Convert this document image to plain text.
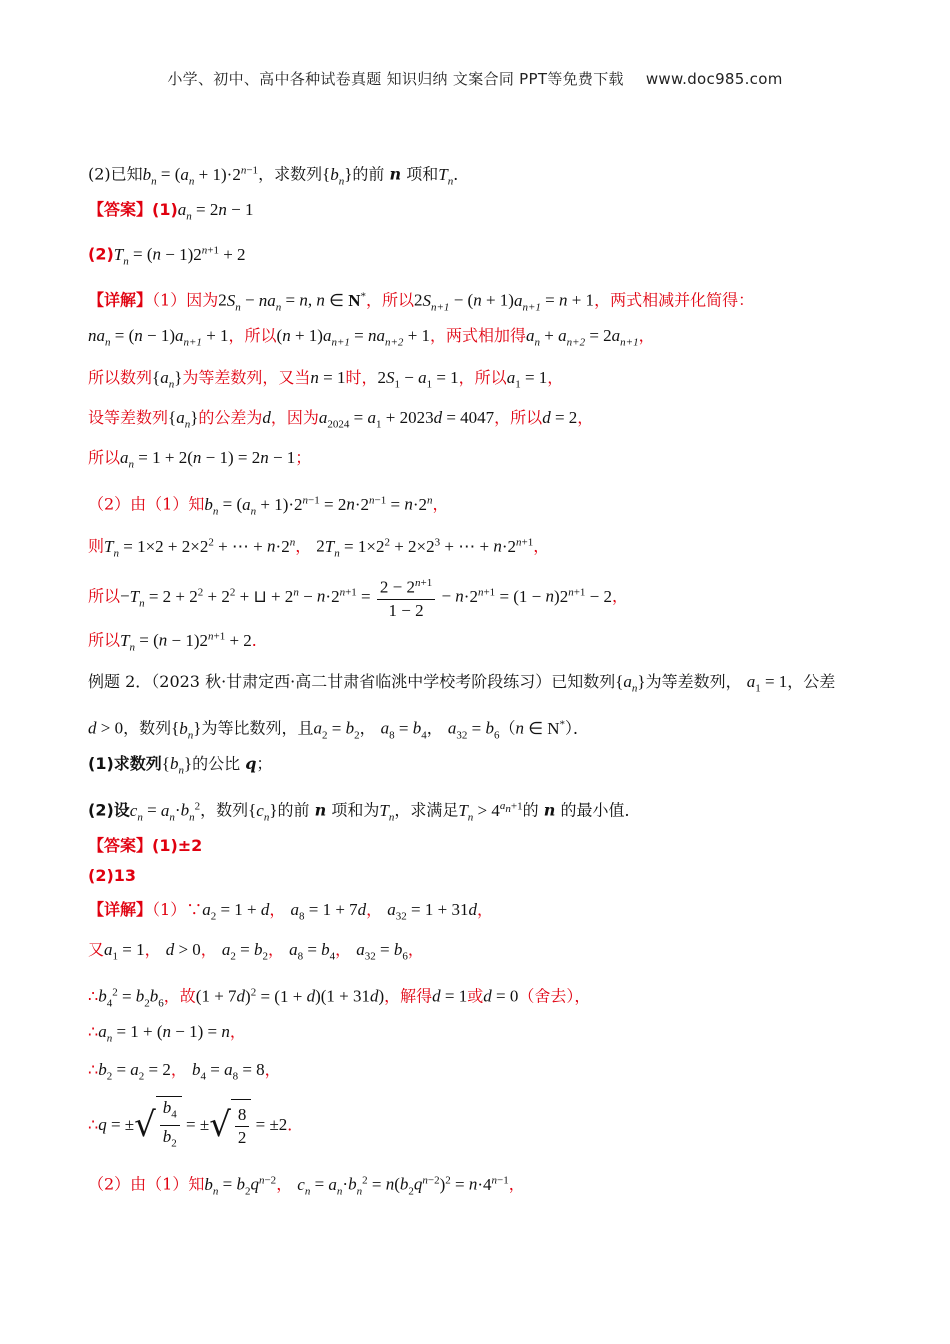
小学、初中、高中各种试卷真题 知识归纳 文案合同 PPT等免费下载 www.doc985.com
(2)已知$b_n = (a_n + 1)\cdot 2^{n-1}$，求数列$\{b_n\}$的前 n 项和$T_n$．
【答案】$(1)a_n = 2n - 1$
$(2)T_n = (n - 1)2^{n+1} + 2$
【详解】（1）因为$2S_n - na_n = n$, n ∈ N*，所以$2S_{n+1} - (n + 1)a_{n+1} = n + 1$，两式相减并化简得：
$na_n = (n - 1)a_{n+1} + 1$，所以$(n + 1)a_{n+1} = na_{n+2} + 1$，两式相加得$a_n + a_{n+2} = 2a_{n+1}$，
所以数列$\{a_n\}$为等差数列，又当n = 1时，$2S_1 - a_1 = 1$，所以$a_1 = 1$，
设等差数列$\{a_n\}$的公差为d，因为$a_{2024} = a_1 + 2023d = 4047$，所以d = 2，
所以$a_n = 1 + 2(n - 1) = 2n - 1$；
（2）由（1）知$b_n = (a_n + 1)\cdot 2^{n-1} = 2n\cdot 2^{n-1} = n\cdot 2^n$，
则$T_n = 1\times 2 + 2\times 2^2$ + ⋯ + $n\cdot 2^n$， $2T_n = 1\times 2^2 + 2\times 2^3$ + ⋯ + $n\cdot 2^{n+1}$，
所以$-T_n = 2 + 2^2 + 2^2$ + ⊔ + $2^n - n\cdot 2^{n+1} = \frac{2 - 2^{n+1}}{1 - 2} - n\cdot 2^{n+1} = (1 - n)2^{n+1} - 2$，
所以$T_n = (n - 1)2^{n+1} + 2$．
例题 2．（2023 秋·甘肃定西·高二甘肃省临洮中学校考阶段练习）已知数列$\{a_n\}$为等差数列， $a_1 = 1$，公差
d > 0，数列$\{b_n\}$为等比数列，且$a_2 = b_2$， $a_8 = b_4$， $a_{32} = b_6(n$ ∈ N*）．
(1)求数列$\{b_n\}$的公比 q；
(2)设$c_n = a_n\cdot b_n^2$，数列$\{c_n\}$的前 n 项和为$T_n$，求满足$T_n > 4^{a_n+1}$的 n 的最小值．
【答案】(1)±2
(2)13
【详解】$(1)\because a_2 = 1 + d$， $a_8 = 1 + 7d$， $a_{32} = 1 + 31d$，
又$a_1 = 1$， d > 0， $a_2 = b_2$， $a_8 = b_4$， $a_{32} = b_6$，
$\therefore b_4^2 = b_2b_6$，故$(1 + 7d)^2 = (1 + d)(1 + 31d)$，解得d = 1或d = 0（舍去），
$\therefore a_n = 1 + (n - 1) = n$，
$\therefore b_2 = a_2 = 2$， $b_4 = a_8 = 8$，
∴q = ± √ $\frac{b_4}{b_2}$ = ± √ $\frac{8}{2} = \pm 2$．
（2）由（1）知$b_n = b_2q^{n-2}$， $c_n = a_n\cdot b_n^2 = n(b_2q^{n-2})^2 = n\cdot 4^{n-1}$，
